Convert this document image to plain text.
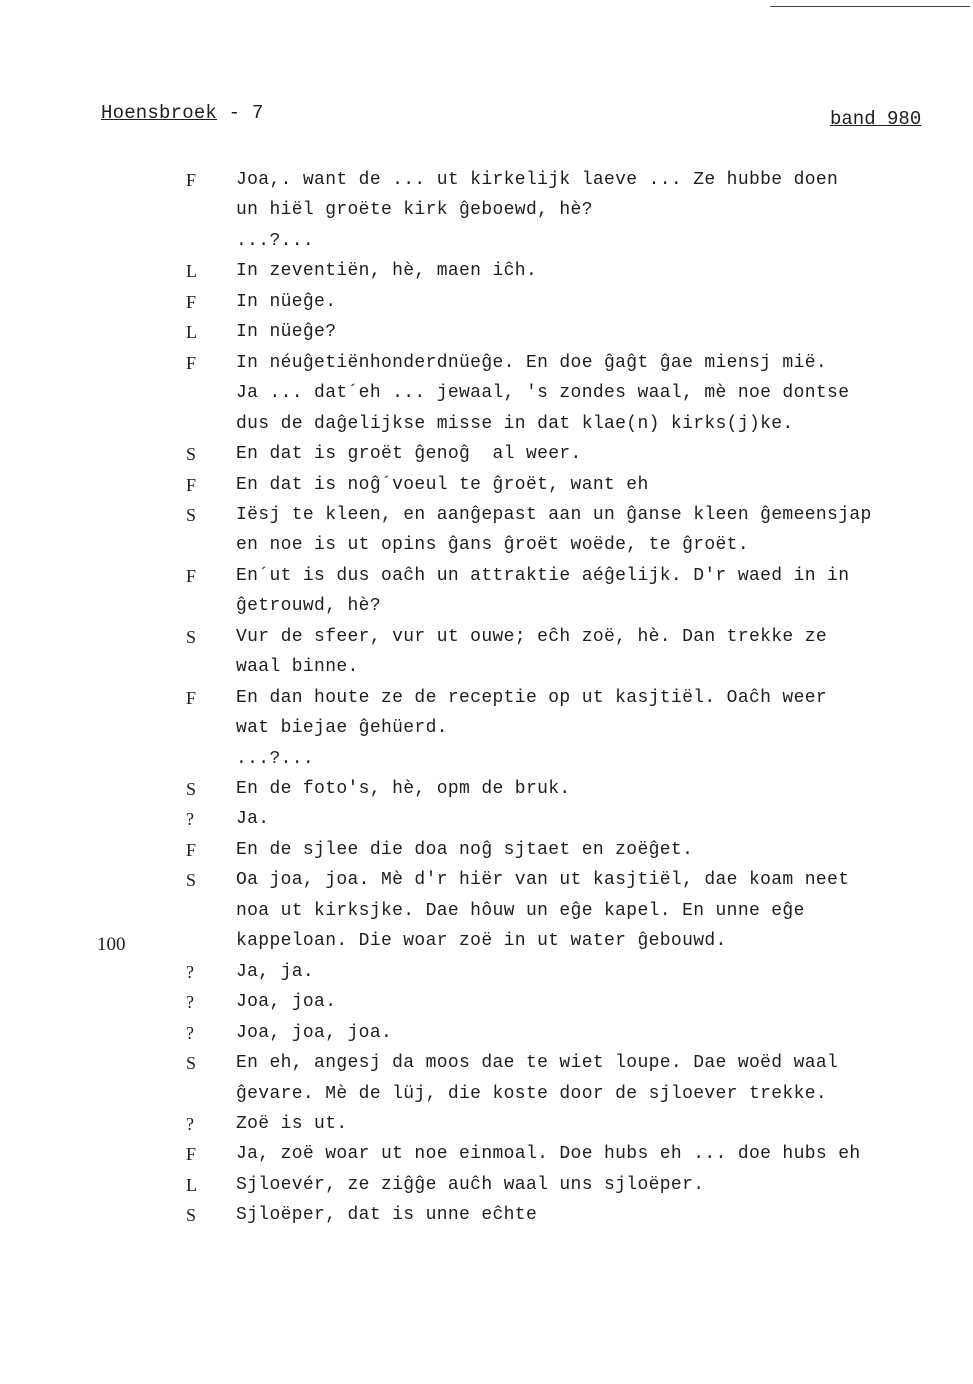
Hoensbroek - 7	band 980
100
F Joa,. want de ... ut kirkelijk laeve ... Ze hubbe doen
un hiël groëte kirk ĝeboewd, hè?
...?...
L In zeventiën, hè, maen iĉh.
F In nüeĝe.
L In nüeĝe?
F In néuĝetiënhonderdnüeĝe. En doe ĝaĝt ĝae miensj mië.
Ja ... dat´eh ... jewaal, 's zondes waal, mè noe dontse
dus de daĝelijkse misse in dat klae(n) kirks(j)ke.
S En dat is groët ĝenoĝ  al weer.
F En dat is noĝ´voeul te ĝroët, want eh
S Iësj te kleen, en aanĝepast aan un ĝanse kleen ĝemeensjap
en noe is ut opins ĝans ĝroët woëde, te ĝroët.
F En´ut is dus oaĉh un attraktie aéĝelijk. D'r waed in in
ĝetrouwd, hè?
S Vur de sfeer, vur ut ouwe; eĉh zoë, hè. Dan trekke ze
waal binne.
F En dan houte ze de receptie op ut kasjtiël. Oaĉh weer
wat biejae ĝehüerd.
...?...
S En de foto's, hè, opm de bruk.
? Ja.
F En de sjlee die doa noĝ sjtaet en zoëĝet.
S Oa joa, joa. Mè d'r hiër van ut kasjtiël, dae koam neet
noa ut kirksjke. Dae hôuw un eĝe kapel. En unne eĝe
kappeloan. Die woar zoë in ut water ĝebouwd.
? Ja, ja.
? Joa, joa.
? Joa, joa, joa.
S En eh, angesj da moos dae te wiet loupe. Dae woëd waal
ĝevare. Mè de lüj, die koste door de sjloever trekke.
? Zoë is ut.
F Ja, zoë woar ut noe einmoal. Doe hubs eh ... doe hubs eh
L Sjloevér, ze ziĝĝe auĉh waal uns sjloëper.
S Sjloëper, dat is unne eĉhte
